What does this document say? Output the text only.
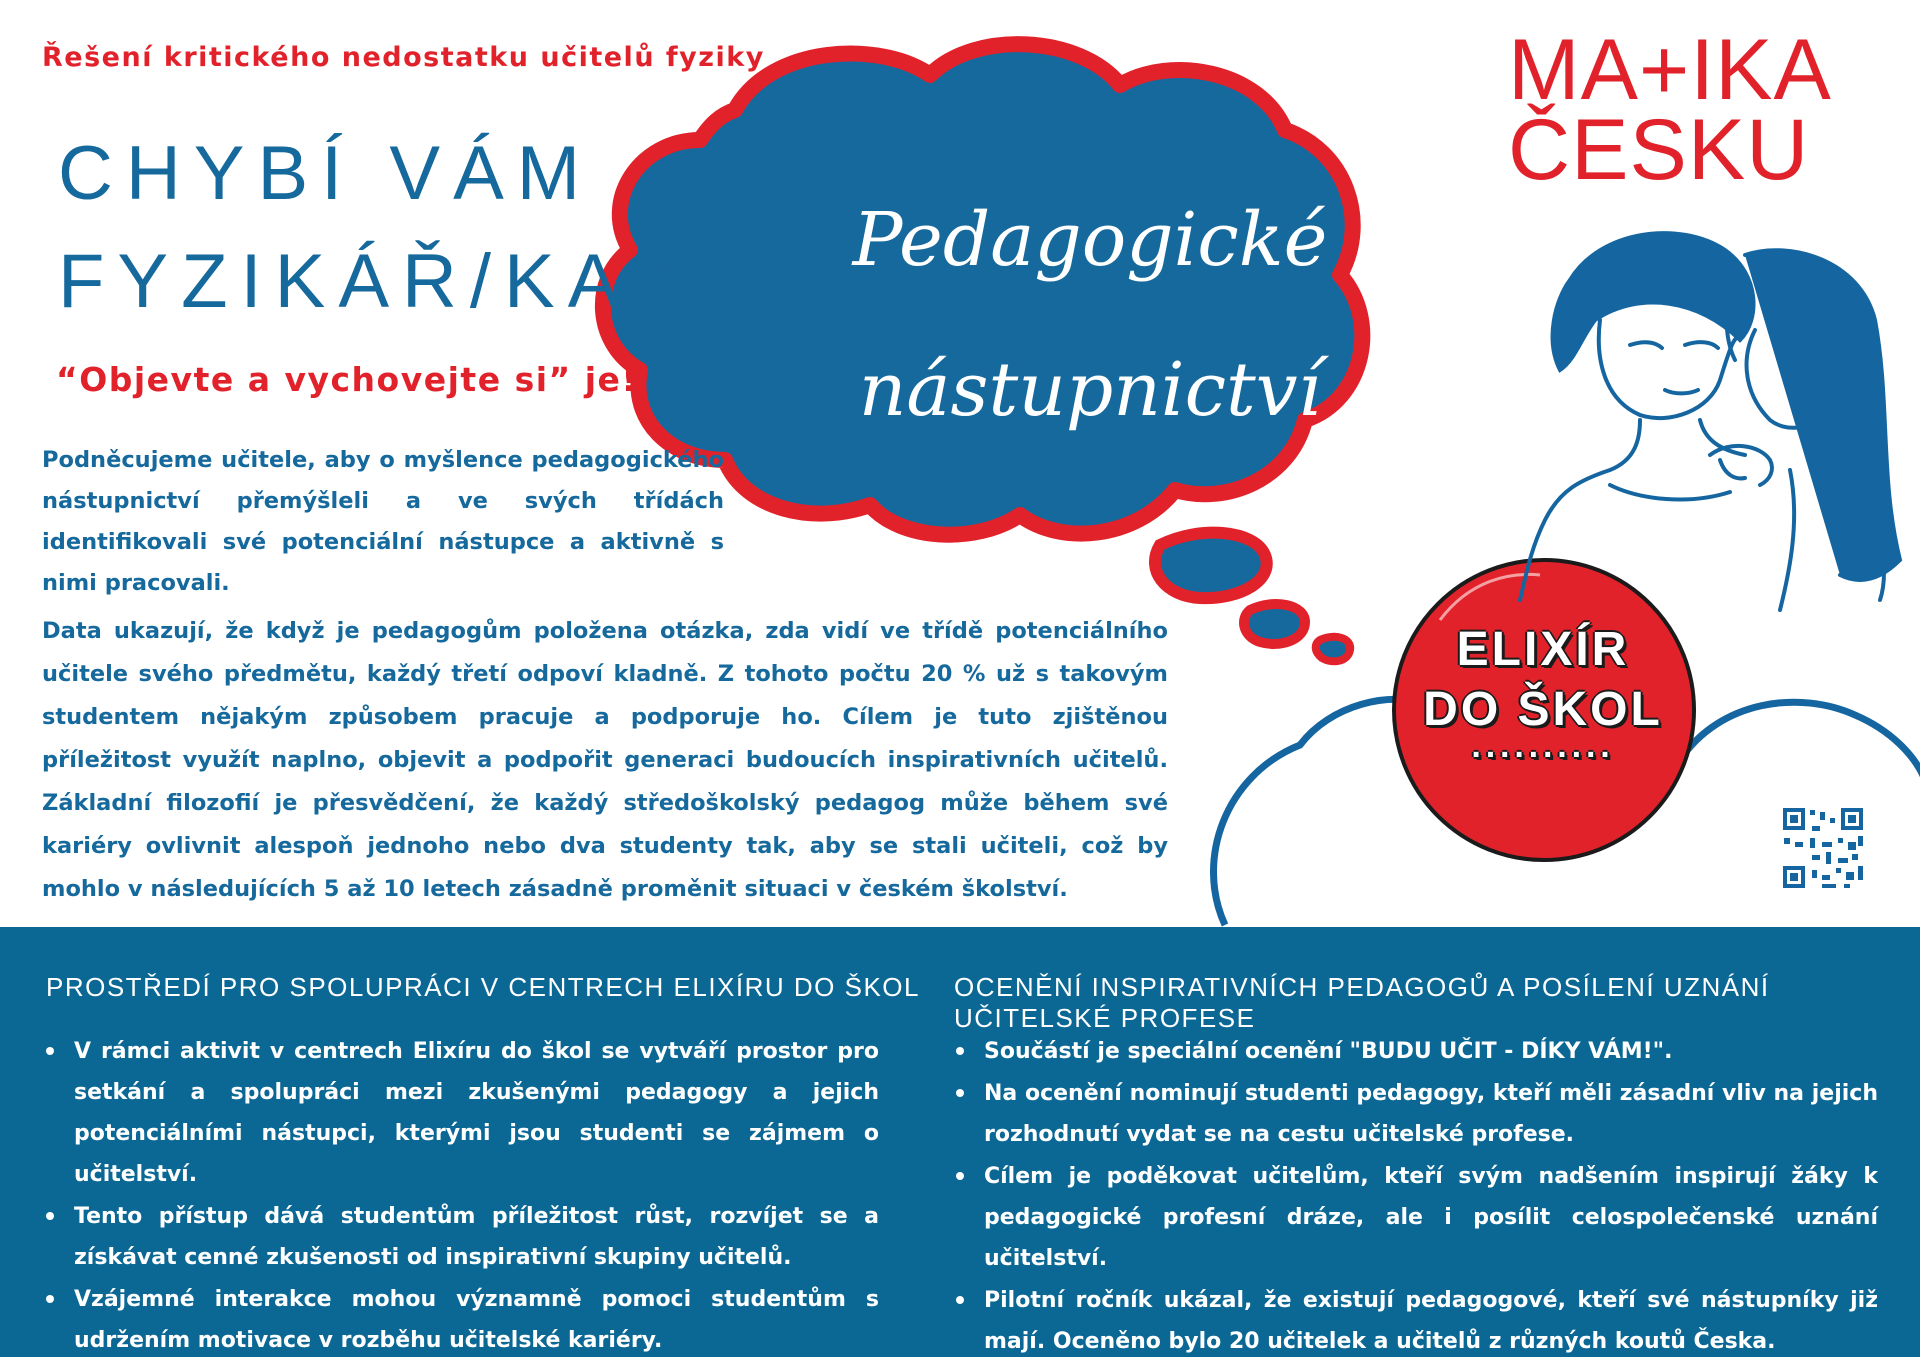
Řešení kritického nedostatku učitelů fyziky
CHYBÍ VÁM
FYZIKÁŘ/KA?
“Objevte a vychovejte si” je!

Podněcujeme učitele, aby o myšlence pedagogického nástupnictví přemýšleli a ve svých třídách identifikovali své potenciální nástupce a aktivně s nimi pracovali.

Pedagogické
nástupnictví
MA+IKA
ČESKU
ELIXÍR
DO ŠKOL
··········

Data ukazují, že když je pedagogům položena otázka, zda vidí ve třídě potenciálního učitele svého předmětu, každý třetí odpoví kladně. Z tohoto počtu 20 % už s takovým studentem nějakým způsobem pracuje a podporuje ho. Cílem je tuto zjištěnou příležitost využít naplno, objevit a podpořit generaci budoucích inspirativních učitelů. Základní filozofií je přesvědčení, že každý středoškolský pedagog může během své kariéry ovlivnit alespoň jednoho nebo dva studenty tak, aby se stali učiteli, což by mohlo v následujících 5 až 10 letech zásadně proměnit situaci v českém školství.

PROSTŘEDÍ PRO SPOLUPRÁCI V CENTRECH ELIXÍRU DO ŠKOL
V rámci aktivit v centrech Elixíru do škol se vytváří prostor pro setkání a spolupráci mezi zkušenými pedagogy a jejich potenciálními nástupci, kterými jsou studenti se zájmem o učitelství.
Tento přístup dává studentům příležitost růst, rozvíjet se a získávat cenné zkušenosti od inspirativní skupiny učitelů.
Vzájemné interakce mohou významně pomoci studentům s udržením motivace v rozběhu učitelské kariéry.
OCENĚNÍ INSPIRATIVNÍCH PEDAGOGŮ A POSÍLENÍ UZNÁNÍ UČITELSKÉ PROFESE
Součástí je speciální ocenění "BUDU UČIT - DÍKY VÁM!".
Na ocenění nominují studenti pedagogy, kteří měli zásadní vliv na jejich rozhodnutí vydat se na cestu učitelské profese.
Cílem je poděkovat učitelům, kteří svým nadšením inspirují žáky k pedagogické profesní dráze, ale i posílit celospolečenské uznání učitelství.
Pilotní ročník ukázal, že existují pedagogové, kteří své nástupníky již mají. Oceněno bylo 20 učitelek a učitelů z různých koutů Česka.
